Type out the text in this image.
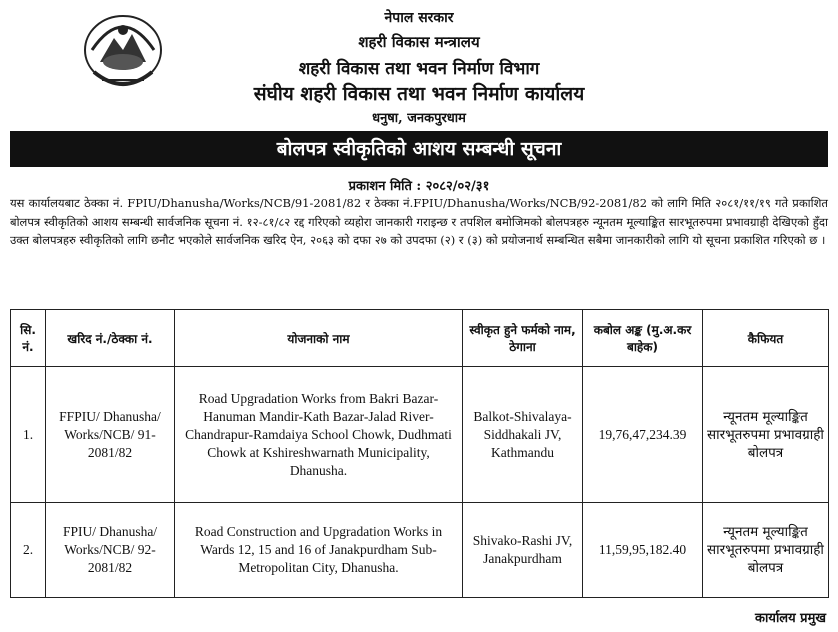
नेपाल सरकार
शहरी विकास मन्त्रालय
शहरी विकास तथा भवन निर्माण विभाग
संघीय शहरी विकास तथा भवन निर्माण कार्यालय
धनुषा, जनकपुरधाम
बोलपत्र स्वीकृतिको आशय सम्बन्धी सूचना
प्रकाशन मिति : २०८२/०२/३१

यस कार्यालयबाट ठेक्का नं. FPIU/Dhanusha/Works/NCB/91-2081/82 र ठेक्का नं.FPIU/Dhanusha/Works/NCB/92-2081/82 को लागि मिति २०८१/११/१९ गते प्रकाशित बोलपत्र स्वीकृतिको आशय सम्बन्धी सार्वजनिक सूचना नं. १२-८१/८२ रद्द गरिएको व्यहोरा जानकारी गराइन्छ र तपशिल बमोजिमको बोलपत्रहरु न्यूनतम मूल्याङ्कित सारभूतरुपमा प्रभावग्राही देखिएको हुँदा उक्त बोलपत्रहरु स्वीकृतिको लागि छनौट भएकोले सार्वजनिक खरिद ऐन, २०६३ को दफा २७ को उपदफा (२) र (३) को प्रयोजनार्थ सम्बन्धित सबैमा जानकारीको लागि यो सूचना प्रकाशित गरिएको छ ।

सि. नं.	खरिद नं./ठेक्का नं.	योजनाको नाम	स्वीकृत हुने फर्मको नाम, ठेगाना	कबोल अङ्क (मु.अ.कर बाहेक)	कैफियत
1.	FFPIU/ Dhanusha/ Works/NCB/ 91-2081/82	Road Upgradation Works from Bakri Bazar-Hanuman Mandir-Kath Bazar-Jalad River-Chandrapur-Ramdaiya School Chowk, Dudhmati Chowk at Kshireshwarnath Municipality, Dhanusha.	Balkot-Shivalaya-Siddhakali JV, Kathmandu	19,76,47,234.39	न्यूनतम मूल्याङ्कित सारभूतरुपमा प्रभावग्राही बोलपत्र
2.	FPIU/ Dhanusha/ Works/NCB/ 92-2081/82	Road Construction and Upgradation Works in Wards 12, 15 and 16 of Janakpurdham Sub-Metropolitan City, Dhanusha.	Shivako-Rashi JV, Janakpurdham	11,59,95,182.40	न्यूनतम मूल्याङ्कित सारभूतरुपमा प्रभावग्राही बोलपत्र
कार्यालय प्रमुख
